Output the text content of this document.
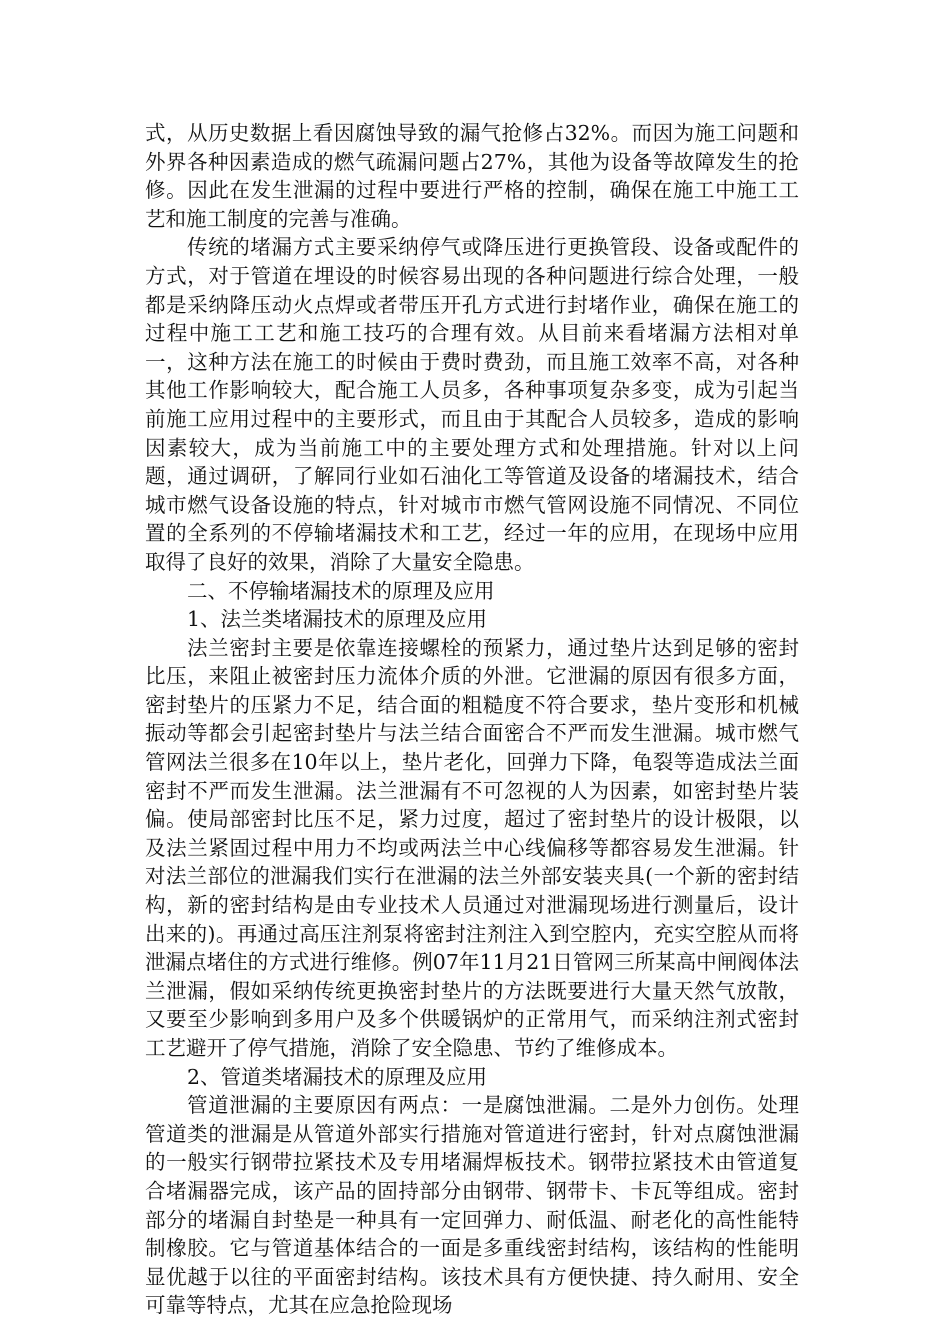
式，从历史数据上看因腐蚀导致的漏气抢修占32%。而因为施工问题和外界各种因素造成的燃气疏漏问题占27%，其他为设备等故障发生的抢修。因此在发生泄漏的过程中要进行严格的控制，确保在施工中施工工艺和施工制度的完善与准确。

传统的堵漏方式主要采纳停气或降压进行更换管段、设备或配件的方式，对于管道在埋设的时候容易出现的各种问题进行综合处理，一般都是采纳降压动火点焊或者带压开孔方式进行封堵作业，确保在施工的过程中施工工艺和施工技巧的合理有效。从目前来看堵漏方法相对单一，这种方法在施工的时候由于费时费劲，而且施工效率不高，对各种其他工作影响较大，配合施工人员多，各种事项复杂多变，成为引起当前施工应用过程中的主要形式，而且由于其配合人员较多，造成的影响因素较大，成为当前施工中的主要处理方式和处理措施。针对以上问题，通过调研，了解同行业如石油化工等管道及设备的堵漏技术，结合城市燃气设备设施的特点，针对城市市燃气管网设施不同情况、不同位置的全系列的不停输堵漏技术和工艺，经过一年的应用，在现场中应用取得了良好的效果，消除了大量安全隐患。

二、不停输堵漏技术的原理及应用

1、法兰类堵漏技术的原理及应用

法兰密封主要是依靠连接螺栓的预紧力，通过垫片达到足够的密封比压，来阻止被密封压力流体介质的外泄。它泄漏的原因有很多方面，密封垫片的压紧力不足，结合面的粗糙度不符合要求，垫片变形和机械振动等都会引起密封垫片与法兰结合面密合不严而发生泄漏。城市燃气管网法兰很多在10年以上，垫片老化，回弹力下降，龟裂等造成法兰面密封不严而发生泄漏。法兰泄漏有不可忽视的人为因素，如密封垫片装偏。使局部密封比压不足，紧力过度，超过了密封垫片的设计极限，以及法兰紧固过程中用力不均或两法兰中心线偏移等都容易发生泄漏。针对法兰部位的泄漏我们实行在泄漏的法兰外部安装夹具(一个新的密封结构，新的密封结构是由专业技术人员通过对泄漏现场进行测量后，设计出来的)。再通过高压注剂泵将密封注剂注入到空腔内，充实空腔从而将泄漏点堵住的方式进行维修。例07年11月21日管网三所某高中闸阀体法兰泄漏，假如采纳传统更换密封垫片的方法既要进行大量天然气放散，又要至少影响到多用户及多个供暖锅炉的正常用气，而采纳注剂式密封工艺避开了停气措施，消除了安全隐患、节约了维修成本。

2、管道类堵漏技术的原理及应用

管道泄漏的主要原因有两点：一是腐蚀泄漏。二是外力创伤。处理管道类的泄漏是从管道外部实行措施对管道进行密封，针对点腐蚀泄漏的一般实行钢带拉紧技术及专用堵漏焊板技术。钢带拉紧技术由管道复合堵漏器完成，该产品的固持部分由钢带、钢带卡、卡瓦等组成。密封部分的堵漏自封垫是一种具有一定回弹力、耐低温、耐老化的高性能特制橡胶。它与管道基体结合的一面是多重线密封结构，该结构的性能明显优越于以往的平面密封结构。该技术具有方便快捷、持久耐用、安全可靠等特点，尤其在应急抢险现场
